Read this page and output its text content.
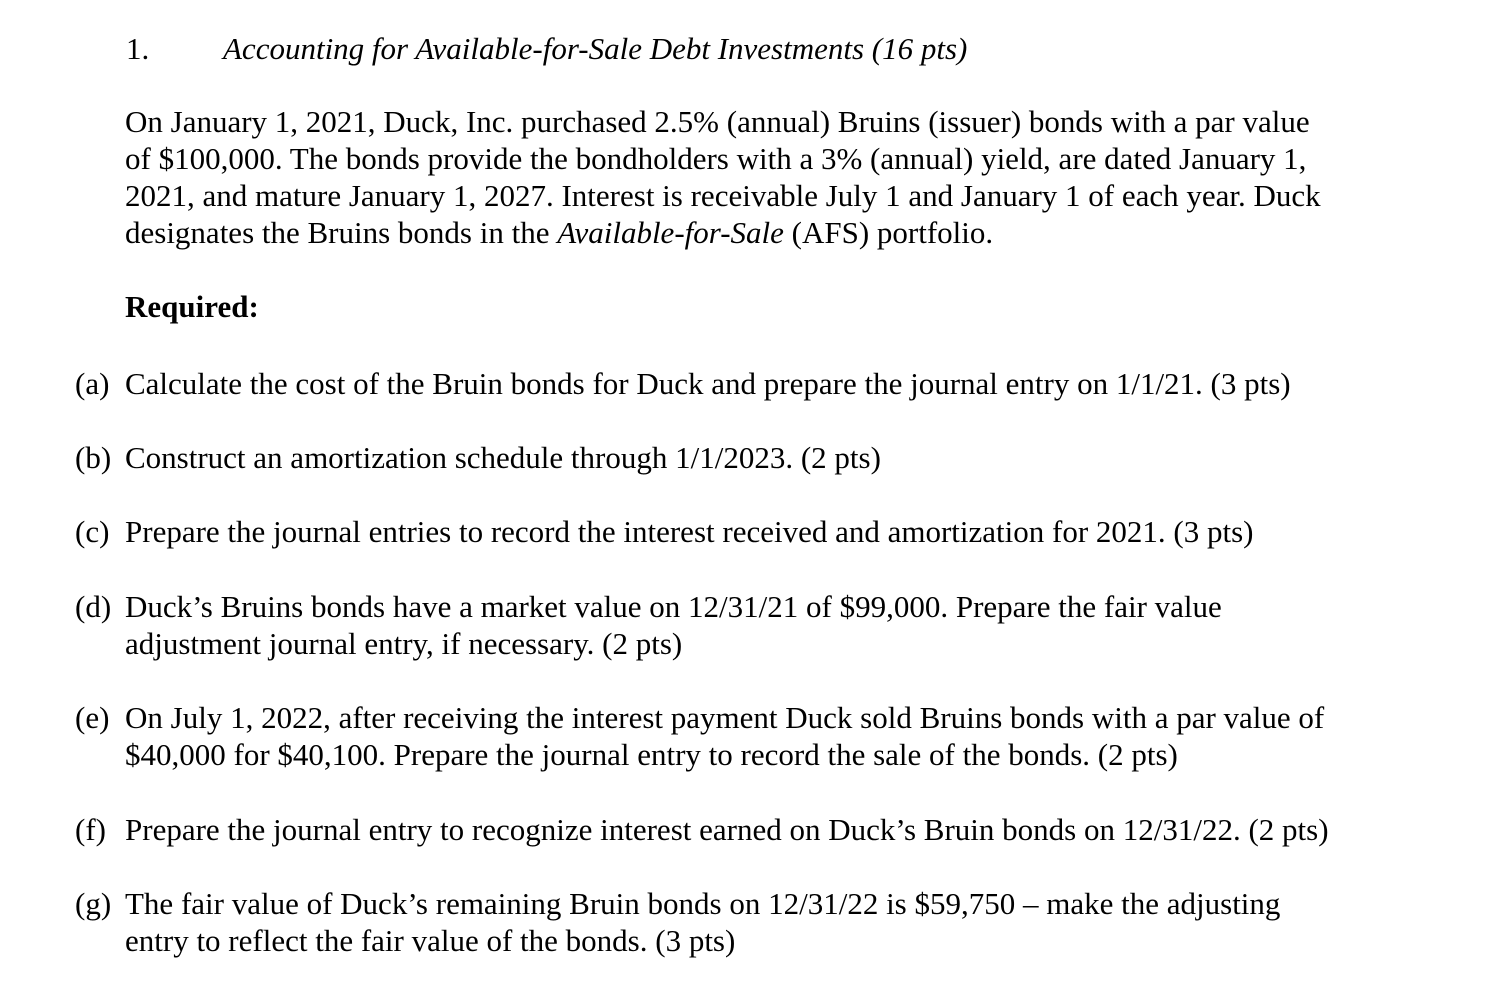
1. Accounting for Available-for-Sale Debt Investments (16 pts)

On January 1, 2021, Duck, Inc. purchased 2.5% (annual) Bruins (issuer) bonds with a par value

of $100,000. The bonds provide the bondholders with a 3% (annual) yield, are dated January 1,

2021, and mature January 1, 2027. Interest is receivable July 1 and January 1 of each year. Duck

designates the Bruins bonds in the Available-for-Sale (AFS) portfolio.

Required:

(a) Calculate the cost of the Bruin bonds for Duck and prepare the journal entry on 1/1/21. (3 pts)
(b) Construct an amortization schedule through 1/1/2023. (2 pts)
(c) Prepare the journal entries to record the interest received and amortization for 2021. (3 pts)
(d) Duck’s Bruins bonds have a market value on 12/31/21 of $99,000. Prepare the fair value
adjustment journal entry, if necessary. (2 pts)
(e) On July 1, 2022, after receiving the interest payment Duck sold Bruins bonds with a par value of
$40,000 for $40,100. Prepare the journal entry to record the sale of the bonds. (2 pts)
(f) Prepare the journal entry to recognize interest earned on Duck’s Bruin bonds on 12/31/22. (2 pts)
(g) The fair value of Duck’s remaining Bruin bonds on 12/31/22 is $59,750 – make the adjusting
entry to reflect the fair value of the bonds. (3 pts)
